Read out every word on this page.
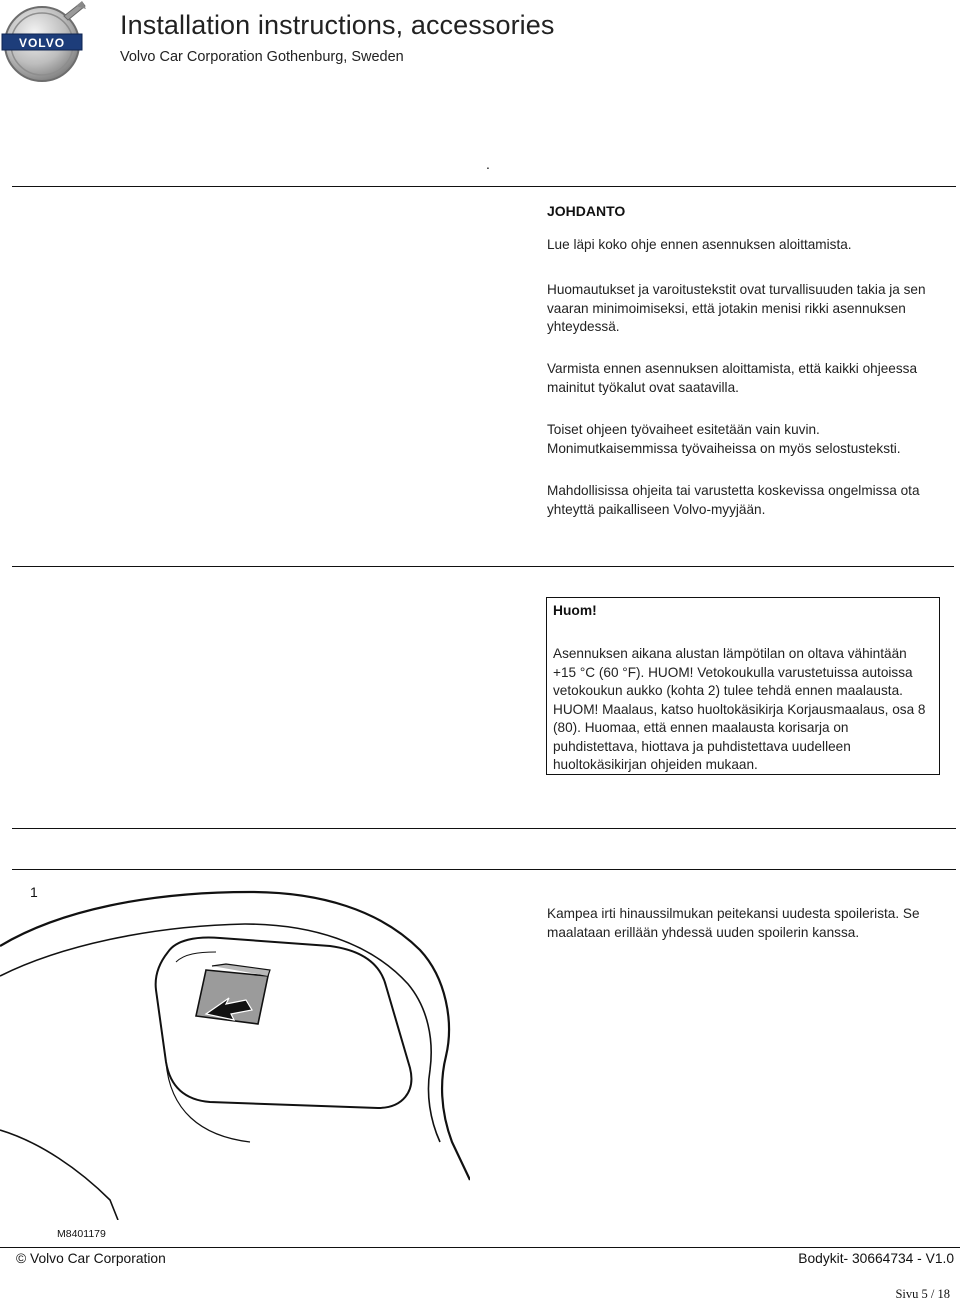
VOLVO
Installation instructions, accessories
Volvo Car Corporation Gothenburg, Sweden
.
JOHDANTO
Lue läpi koko ohje ennen asennuksen aloittamista.
Huomautukset ja varoitustekstit ovat turvallisuuden takia ja sen vaaran minimoimiseksi, että jotakin menisi rikki asennuksen yhteydessä.
Varmista ennen asennuksen aloittamista, että kaikki ohjeessa mainitut työkalut ovat saatavilla.
Toiset ohjeen työvaiheet esitetään vain kuvin. Monimutkaisemmissa työvaiheissa on myös selostusteksti.
Mahdollisissa ohjeita tai varustetta koskevissa ongelmissa ota yhteyttä paikalliseen Volvo-myyjään.
Huom!
Asennuksen aikana alustan lämpötilan on oltava vähintään +15 °C (60 °F). HUOM! Vetokoukulla varustetuissa autoissa vetokoukun aukko (kohta 2) tulee tehdä ennen maalausta. HUOM! Maalaus, katso huoltokäsikirja Korjausmaalaus, osa 8 (80). Huomaa, että ennen maalausta korisarja on puhdistettava, hiottava ja puhdistettava uudelleen huoltokäsikirjan ohjeiden mukaan.
1
Kampea irti hinaussilmukan peitekansi uudesta spoilerista. Se maalataan erillään yhdessä uuden spoilerin kanssa.
M8401179
© Volvo Car Corporation	Bodykit- 30664734 - V1.0
Sivu 5 / 18
